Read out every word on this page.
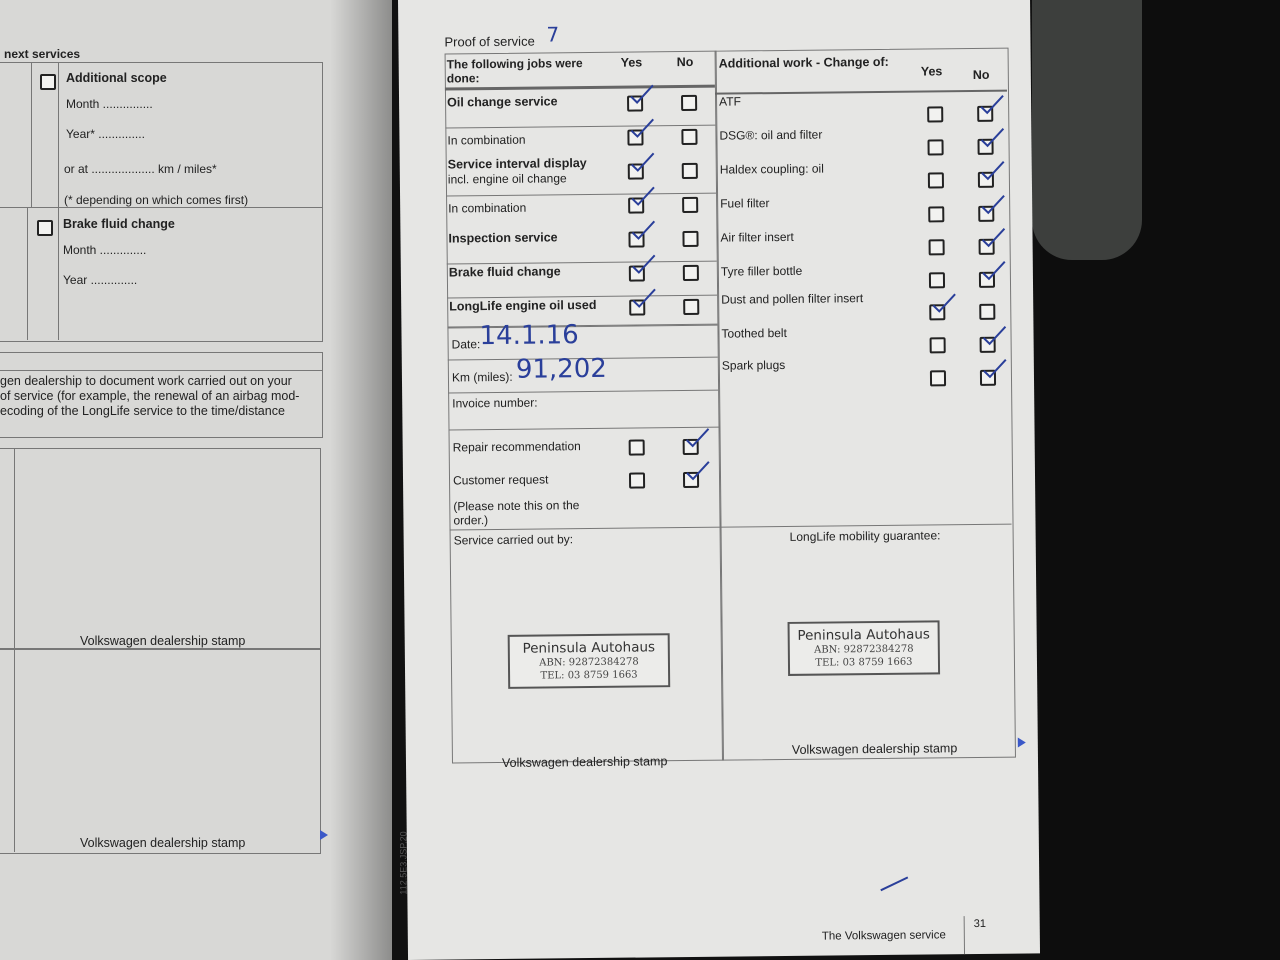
next services
Additional scope
Month ...............
Year* ..............
or at ................... km / miles*
(* depending on which comes first)
Brake fluid change
Month ..............
Year ..............
gen dealership to document work carried out on your
of service (for example, the renewal of an airbag mod-
ecoding of the LongLife service to the time/distance
Volkswagen dealership stamp
Volkswagen dealership stamp
Proof of service 7
The following jobs were done:
Yes	No Additional work - Change of:
Yes No
Oil change service
In combination
Service interval display
incl. engine oil change
In combination
Inspection service
Brake fluid change
LongLife engine oil used
Date:
14.1.16
Km (miles): 91,202
Invoice number:
Repair recommendation
Customer request
(Please note this on the order.)
Service carried out by:	LongLife mobility guarantee:
ATF
DSG®: oil and filter
Haldex coupling: oil
Fuel filter
Air filter insert
Tyre filler bottle
Dust and pollen filter insert
Toothed belt
Spark plugs
Peninsula Autohaus
ABN: 92872384278
TEL: 03 8759 1663
Peninsula Autohaus
ABN: 92872384278
TEL: 03 8759 1663
Volkswagen dealership stamp
Volkswagen dealership stamp
The Volkswagen service
31
112.5E3.JSP.20
